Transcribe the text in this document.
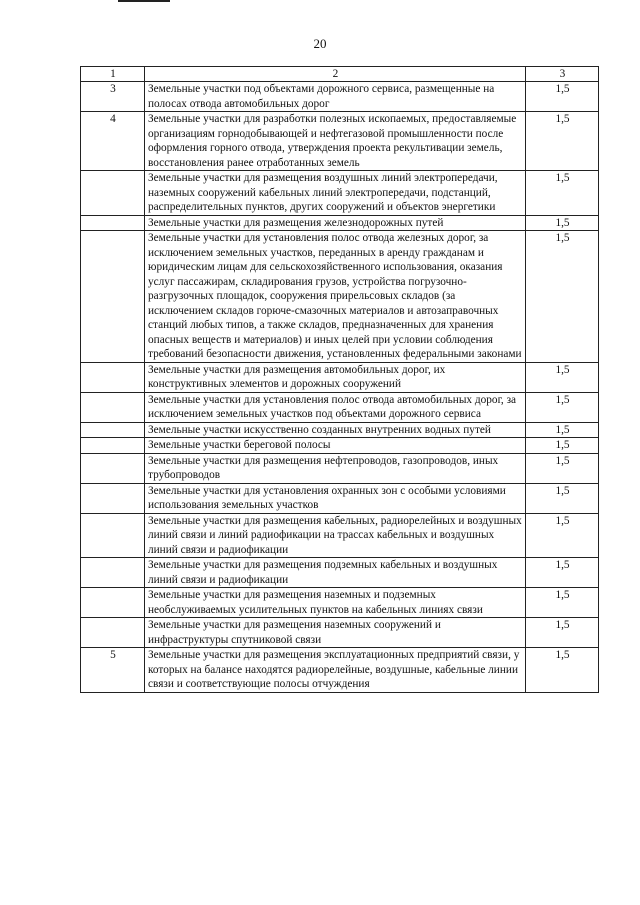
20
1	2	3
3	Земельные участки под объектами дорожного сервиса, размещенные на полосах отвода автомобильных дорог	1,5
4	Земельные участки для разработки полезных ископаемых, предоставляемые организациям горнодобывающей и нефтегазовой промышленности после оформления горного отвода, утверждения проекта рекультивации земель, восстановления ранее отработанных земель	1,5
	Земельные участки для размещения воздушных линий электропередачи, наземных сооружений кабельных линий электропередачи, подстанций, распределительных пунктов, других сооружений и объектов энергетики	1,5
	Земельные участки для размещения железнодорожных путей	1,5
	Земельные участки для установления полос отвода железных дорог, за исключением земельных участков, переданных в аренду гражданам и юридическим лицам для сельскохозяйственного использования, оказания услуг пассажирам, складирования грузов, устройства погрузочно-разгрузочных площадок, сооружения прирельсовых складов (за исключением складов горюче-смазочных материалов и автозаправочных станций любых типов, а также складов, предназначенных для хранения опасных веществ и материалов) и иных целей при условии соблюдения требований безопасности движения, установленных федеральными законами	1,5
	Земельные участки для размещения автомобильных дорог, их конструктивных элементов и дорожных сооружений	1,5
	Земельные участки для установления полос отвода автомобильных дорог, за исключением земельных участков под объектами дорожного сервиса	1,5
	Земельные участки искусственно созданных внутренних водных путей	1,5
	Земельные участки береговой полосы	1,5
	Земельные участки для размещения нефтепроводов, газопроводов, иных трубопроводов	1,5
	Земельные участки для установления охранных зон с особыми условиями использования земельных участков	1,5
	Земельные участки для размещения кабельных, радиорелейных и воздушных линий связи и линий радиофикации на трассах кабельных и воздушных линий связи и радиофикации	1,5
	Земельные участки для размещения подземных кабельных и воздушных линий связи и радиофикации	1,5
	Земельные участки для размещения наземных и подземных необслуживаемых усилительных пунктов на кабельных линиях связи	1,5
	Земельные участки для размещения наземных сооружений и инфраструктуры спутниковой связи	1,5
5	Земельные участки для размещения эксплуатационных предприятий связи, у которых на балансе находятся радиорелейные, воздушные, кабельные линии связи и соответствующие полосы отчуждения	1,5
